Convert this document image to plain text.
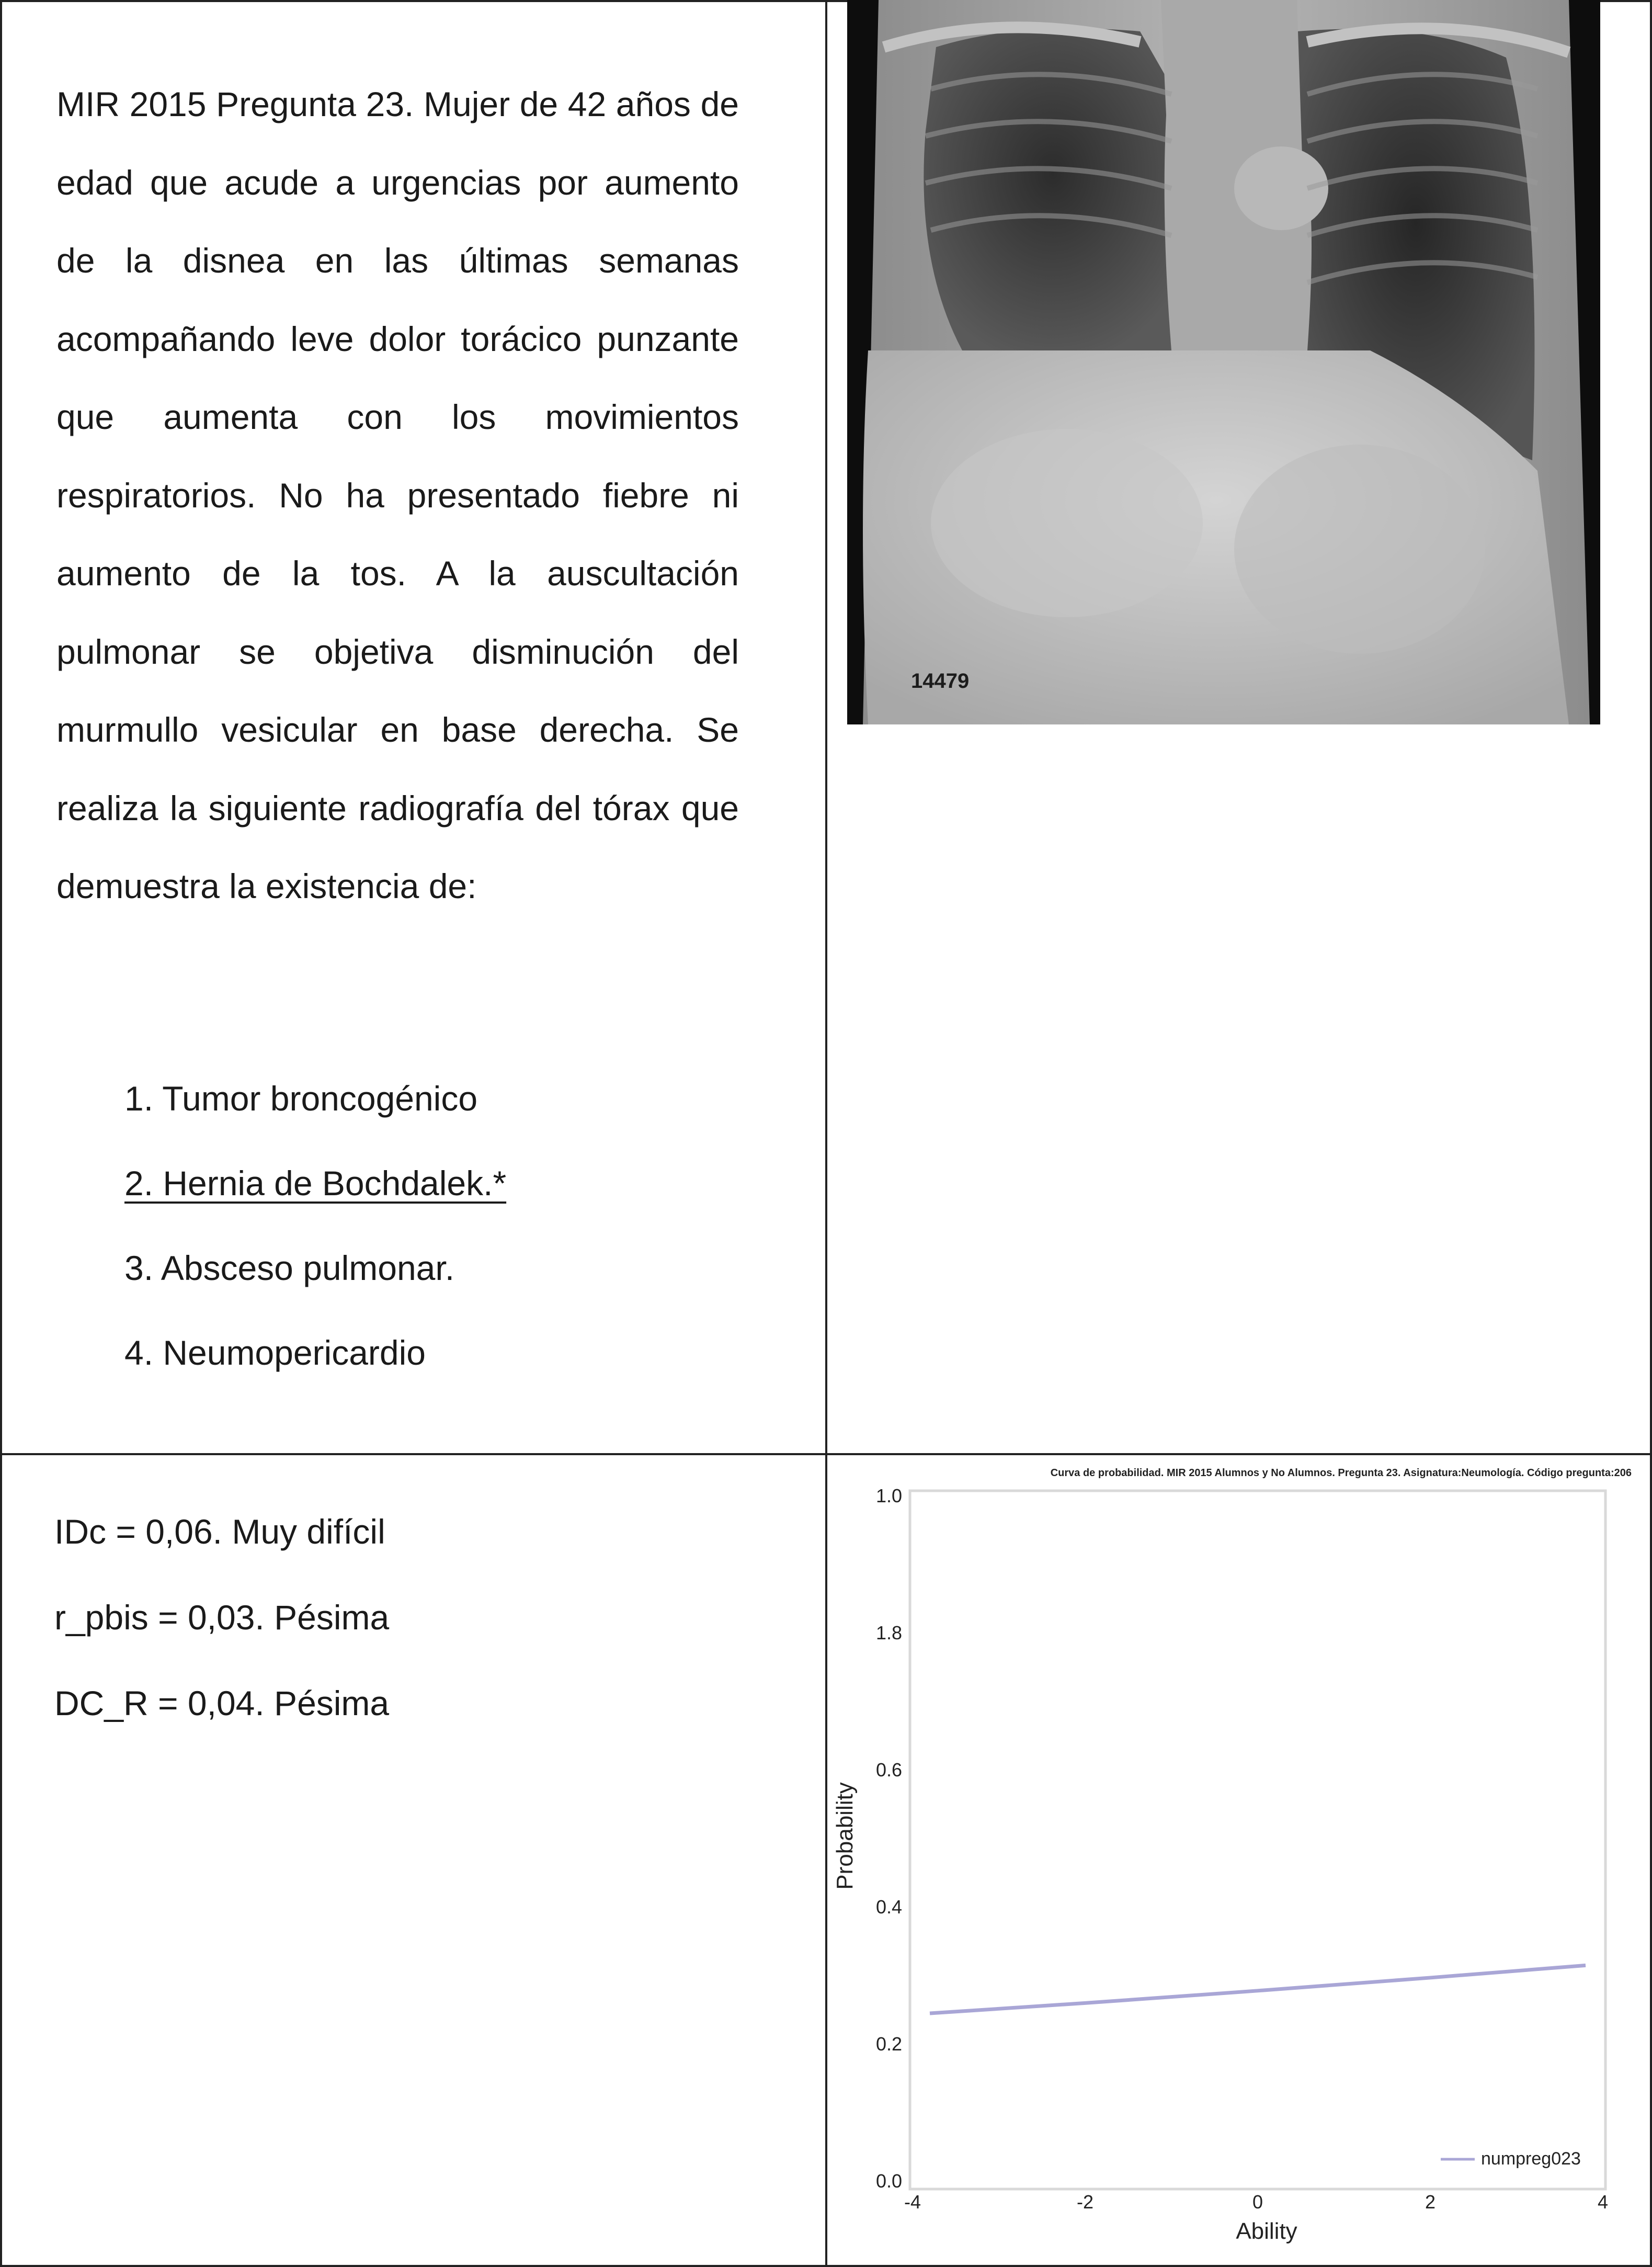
MIR 2015 Pregunta 23. Mujer de 42 años de edad que acude a urgencias por aumento de la disnea en las últimas semanas acompañando leve dolor torácico punzante que aumenta con los movimientos respiratorios. No ha presentado fiebre ni aumento de la tos. A la auscultación pulmonar se objetiva disminución del murmullo vesicular en base derecha. Se realiza la siguiente radiografía del tórax que demuestra la existencia de:

1. Tumor broncogénico
2. Hernia de Bochdalek.*
3. Absceso pulmonar.
4. Neumopericardio
14479
IDc = 0,06. Muy difícil
r_pbis = 0,03. Pésima
DC_R = 0,04. Pésima
Curva de probabilidad. MIR 2015 Alumnos y No Alumnos. Pregunta 23. Asignatura:Neumología. Código pregunta:206
0.0
0.2
0.4
0.6
1.8
1.0
-4	-2	0	2	4
Probability
Ability
numpreg023
